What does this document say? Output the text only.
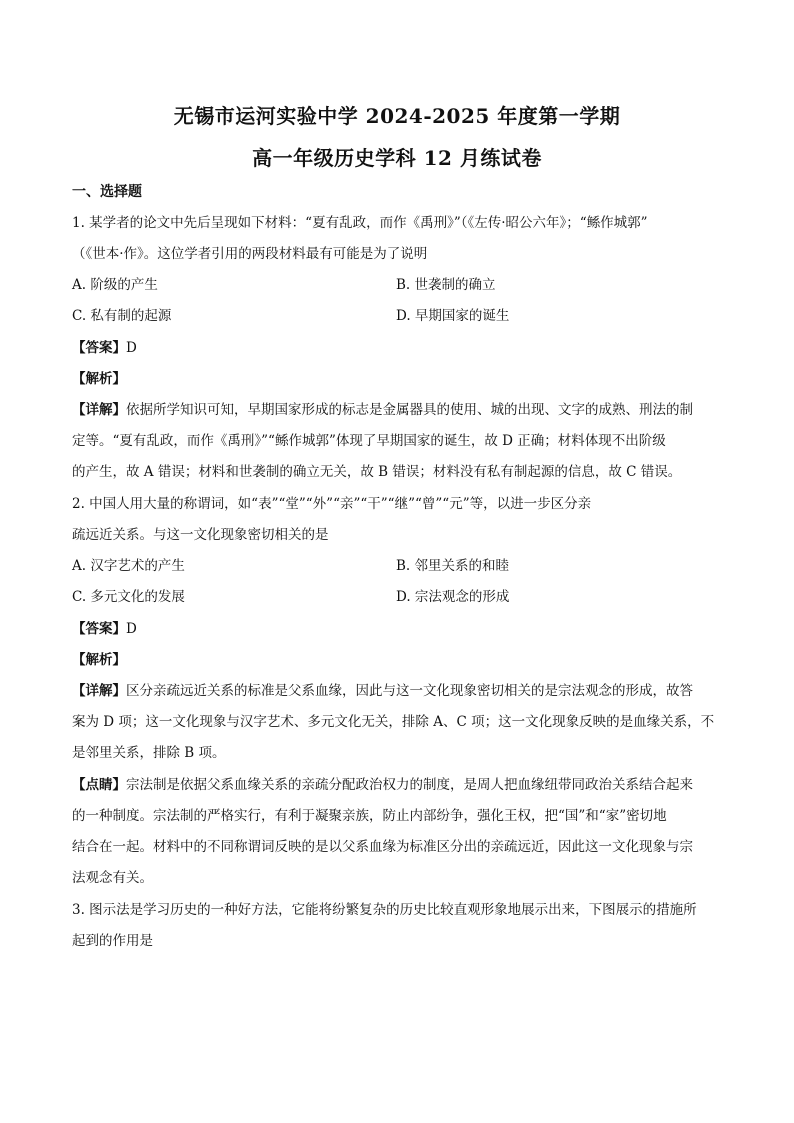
无锡市运河实验中学 2024-2025 年度第一学期
高一年级历史学科 12 月练试卷
一、选择题
1. 某学者的论文中先后呈现如下材料：“夏有乱政，而作《禹刑》”（《左传·昭公六年》；“鲧作城郭”
（《世本·作》。这位学者引用的两段材料最有可能是为了说明
A. 阶级的产生	B. 世袭制的确立
C. 私有制的起源	D. 早期国家的诞生
【答案】D
【解析】
【详解】依据所学知识可知，早期国家形成的标志是金属器具的使用、城的出现、文字的成熟、刑法的制
定等。“夏有乱政，而作《禹刑》”“鲧作城郭”体现了早期国家的诞生，故 D 正确；材料体现不出阶级
的产生，故 A 错误；材料和世袭制的确立无关，故 B 错误；材料没有私有制起源的信息，故 C 错误。
2. 中国人用大量的称谓词，如“表”“堂”“外”“亲”“干”“继”“曾”“元”等，以进一步区分亲
疏远近关系。与这一文化现象密切相关的是
A. 汉字艺术的产生	B. 邻里关系的和睦
C. 多元文化的发展	D. 宗法观念的形成
【答案】D
【解析】
【详解】区分亲疏远近关系的标准是父系血缘，因此与这一文化现象密切相关的是宗法观念的形成，故答
案为 D 项；这一文化现象与汉字艺术、多元文化无关，排除 A、C 项；这一文化现象反映的是血缘关系，不
是邻里关系，排除 B 项。
【点睛】宗法制是依据父系血缘关系的亲疏分配政治权力的制度，是周人把血缘纽带同政治关系结合起来
的一种制度。宗法制的严格实行，有利于凝聚亲族，防止内部纷争，强化王权，把“国”和“家”密切地
结合在一起。材料中的不同称谓词反映的是以父系血缘为标准区分出的亲疏远近，因此这一文化现象与宗
法观念有关。
3. 图示法是学习历史的一种好方法，它能将纷繁复杂的历史比较直观形象地展示出来，下图展示的措施所
起到的作用是
